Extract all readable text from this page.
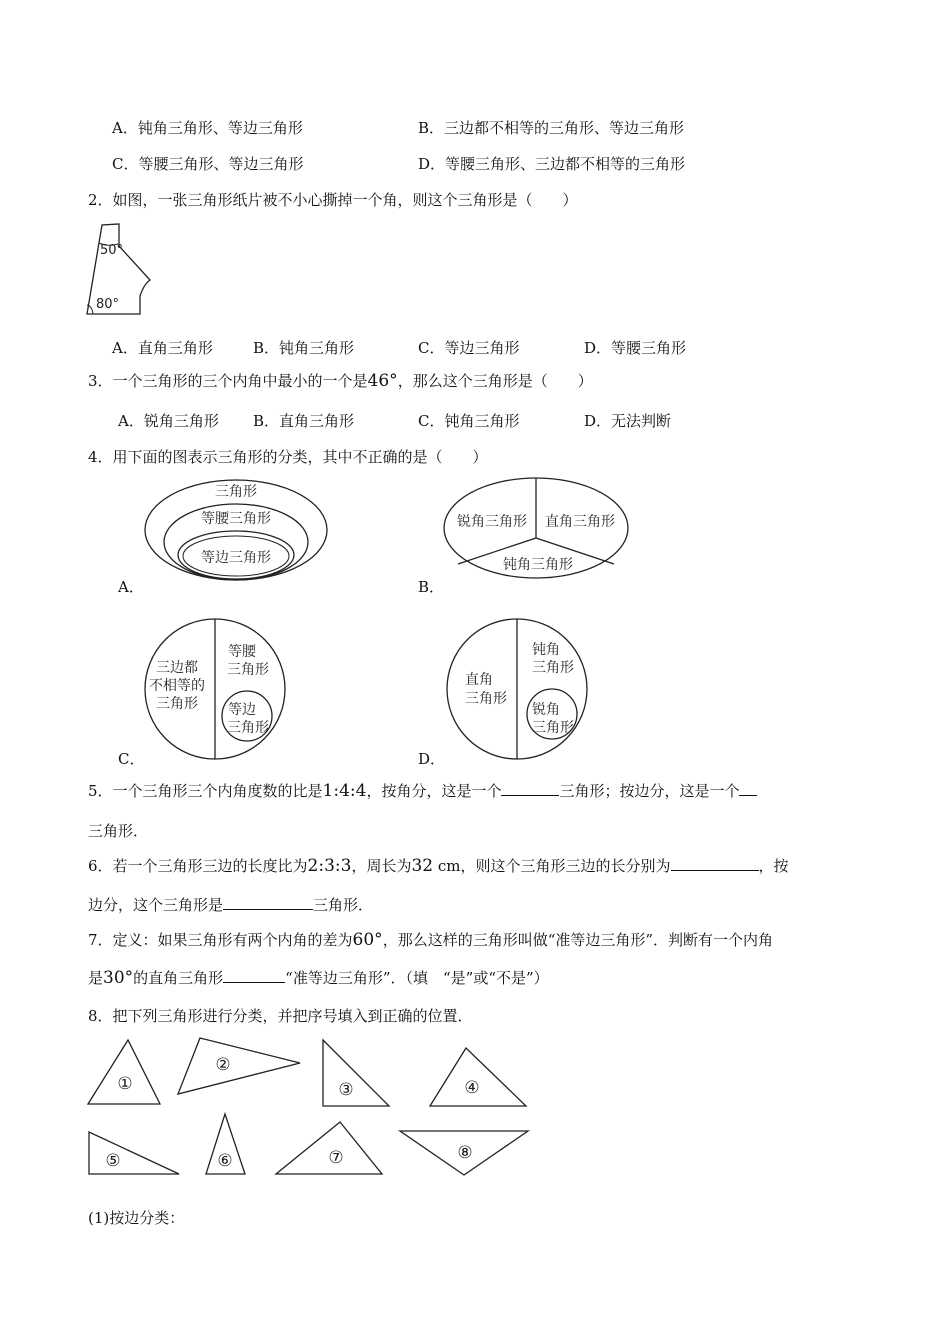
A．钝角三角形、等边三角形	B．三边都不相等的三角形、等边三角形
C．等腰三角形、等边三角形	D．等腰三角形、三边都不相等的三角形
2．如图，一张三角形纸片被不小心撕掉一个角，则这个三角形是（　　）
50°
80°
A．直角三角形	B．钝角三角形	C．等边三角形	D．等腰三角形
3．一个三角形的三个内角中最小的一个是46°，那么这个三角形是（　　）
A．锐角三角形 B．直角三角形	C．钝角三角形	D．无法判断
4．用下面的图表示三角形的分类，其中不正确的是（　　）
三角形
等腰三角形
等边三角形
A．
锐角三角形 直角三角形
钝角三角形
B．
三边都
不相等的
三角形
等腰
三角形
等边
三角形
C．
直角
三角形
钝角
三角形
锐角
三角形
D．
5．一个三角形三个内角度数的比是1:4:4，按角分，这是一个	三角形；按边分，这是一个
三角形．
6．若一个三角形三边的长度比为2:3:3，周长为32 cm，则这个三角形三边的长分别为	，按
边分，这个三角形是	三角形．
7．定义：如果三角形有两个内角的差为60°，那么这样的三角形叫做“准等边三角形”．判断有一个内角
是30°的直角三角形	“准等边三角形”．（填　“是”或“不是”）
8．把下列三角形进行分类，并把序号填入到正确的位置．
①
②
③	④
⑤	⑥	⑦	⑧
(1)按边分类：
